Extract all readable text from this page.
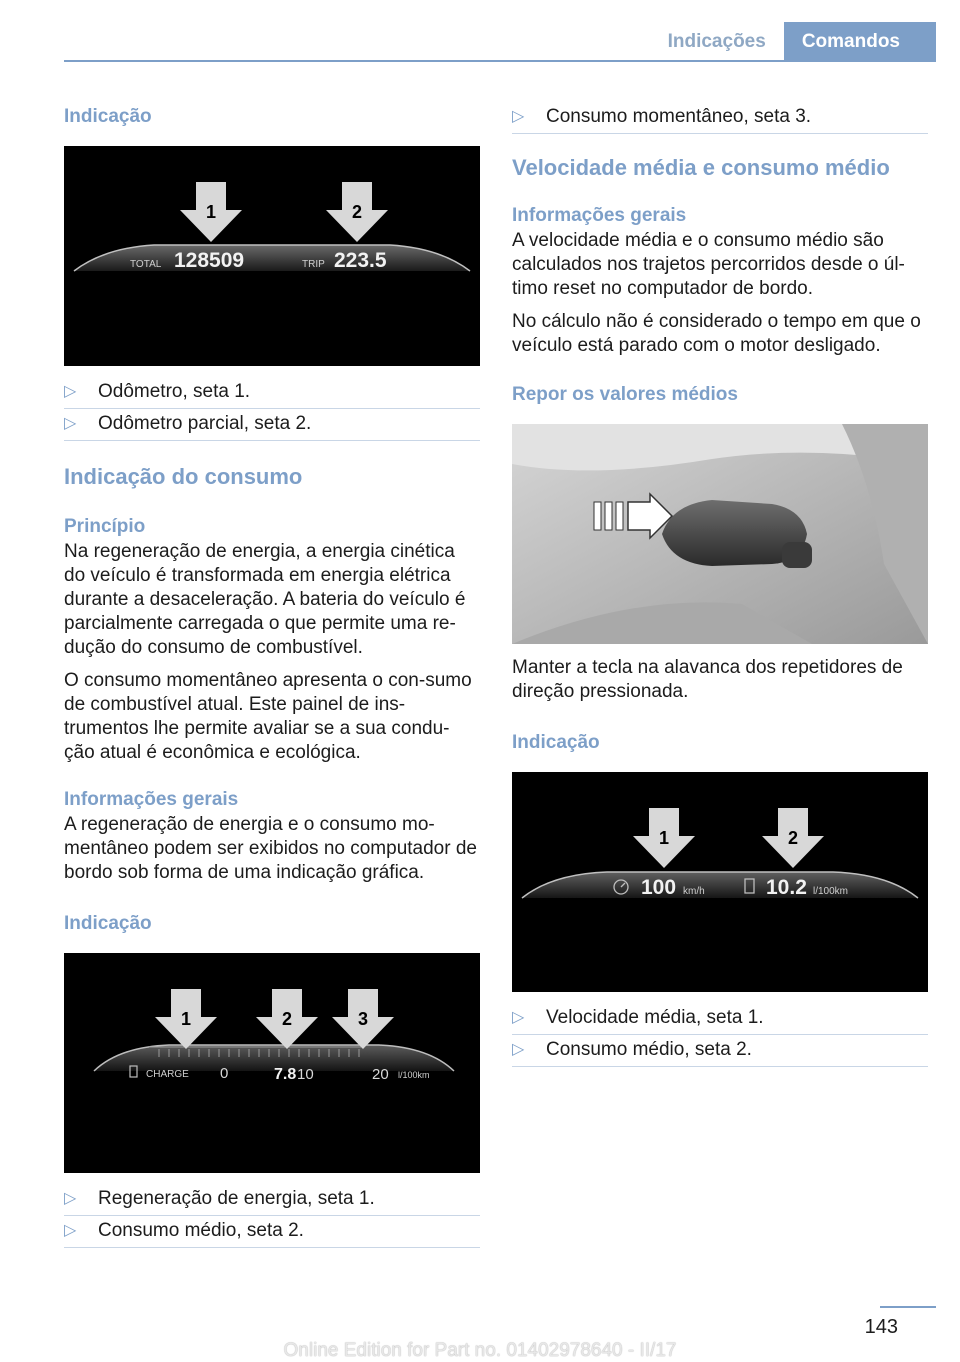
Indicações	Comandos
Indicação
1	2
TOTAL 128509	TRIP 223.5
▷ Odômetro, seta 1.
▷ Odômetro parcial, seta 2.
Indicação do consumo
Princípio

Na regeneração de energia, a energia cinética do veículo é transformada em energia elétrica durante a desaceleração. A bateria do veículo é parcialmente carregada o que permite uma re-dução do consumo de combustível.

O consumo momentâneo apresenta o con-sumo de combustível atual. Este painel de ins-trumentos lhe permite avaliar se a sua condu-ção atual é econômica e ecológica.

Informações gerais

A regeneração de energia e o consumo mo-mentâneo podem ser exibidos no computador de bordo sob forma de uma indicação gráfica.

Indicação
1	2	3
CHARGE 0	7.8 10	20 l/100km
▷ Regeneração de energia, seta 1.
▷ Consumo médio, seta 2.
▷ Consumo momentâneo, seta 3.
Velocidade média e consumo médio
Informações gerais

A velocidade média e o consumo médio são calculados nos trajetos percorridos desde o úl-timo reset no computador de bordo.

No cálculo não é considerado o tempo em que o veículo está parado com o motor desligado.

Repor os valores médios

Manter a tecla na alavanca dos repetidores de direção pressionada.

Indicação
1	2
100 km/h	10.2 l/100km
▷ Velocidade média, seta 1.
▷ Consumo médio, seta 2.
143
Online Edition for Part no. 01402978640 - II/17
